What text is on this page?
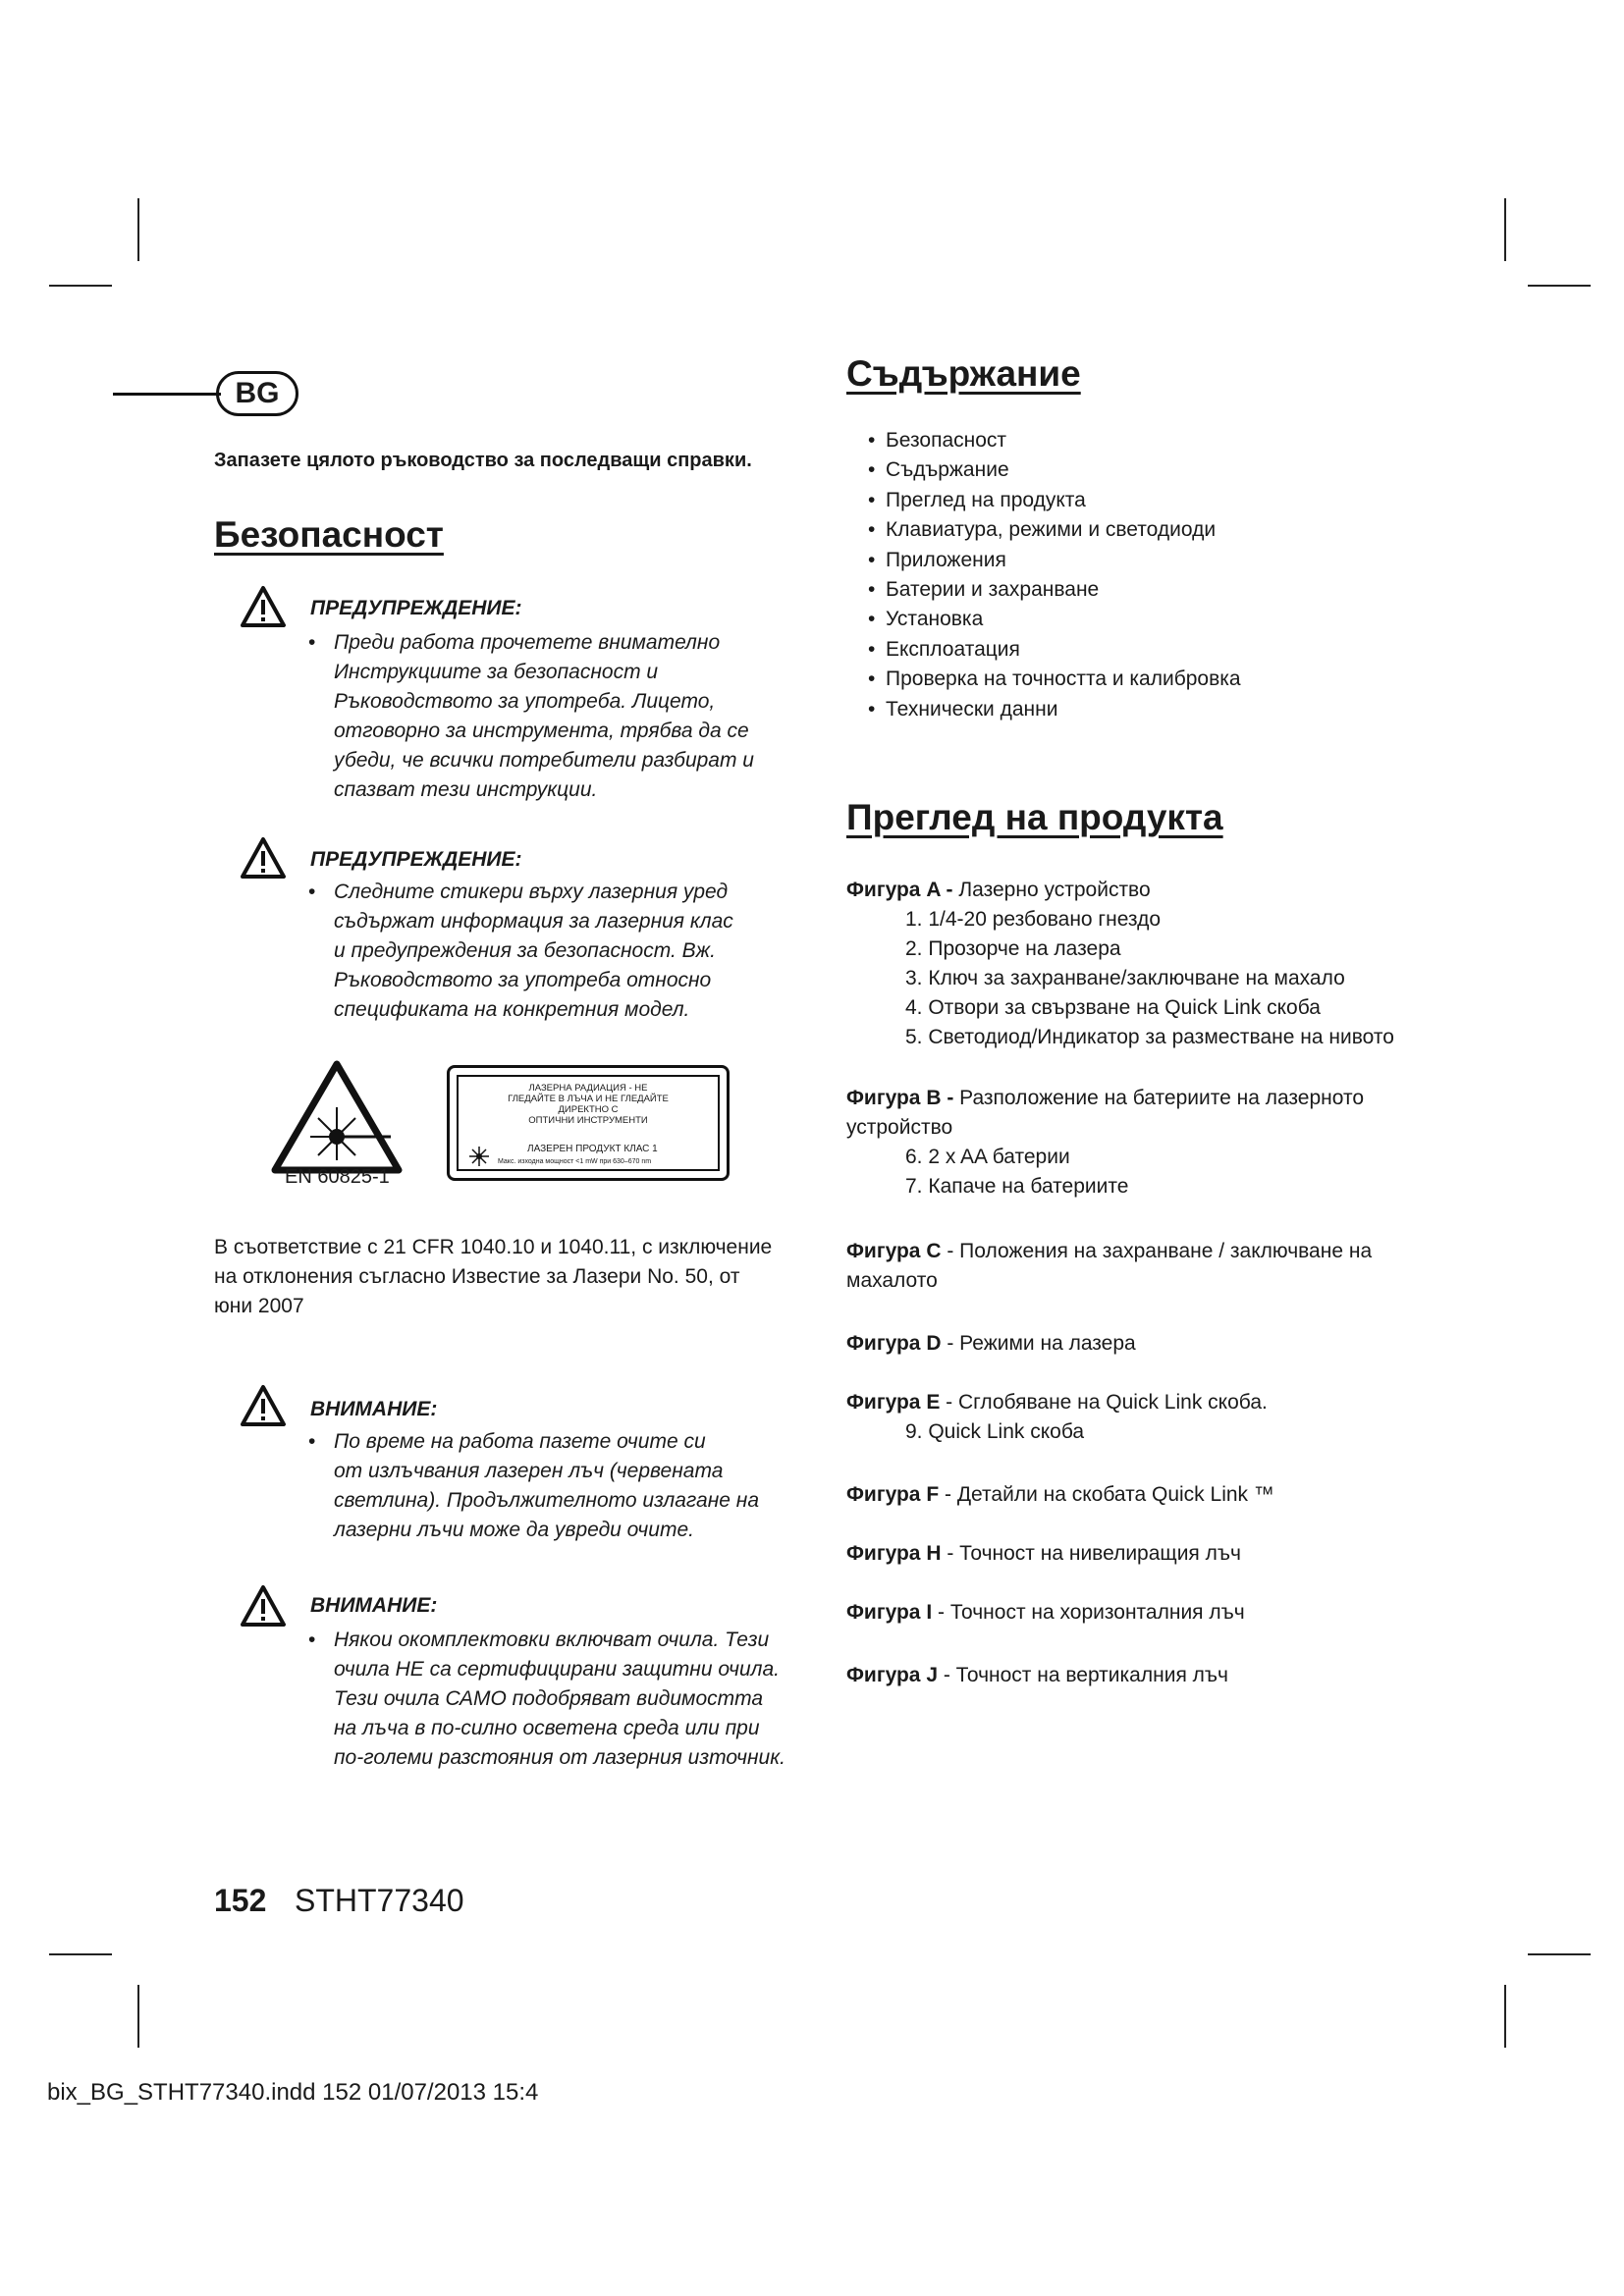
BG
Запазете цялото ръководство за последващи справки.
Безопасност
ПРЕДУПРЕЖДЕНИЕ:
• Преди работа прочетете внимателно
Инструкциите за безопасност и
Ръководството за употреба. Лицето,
отговорно за инструмента, трябва да се
убеди, че всички потребители разбират и
спазват тези инструкции.
ПРЕДУПРЕЖДЕНИЕ:
• Следните стикери върху лазерния уред
съдържат информация за лазерния клас
и предупреждения за безопасност. Вж.
Ръководството за употреба относно
спецификата на конкретния модел.
EN 60825-1
ЛАЗЕРНА РАДИАЦИЯ - НЕ
ГЛЕДАЙТЕ В ЛЪЧА И НЕ ГЛЕДАЙТЕ
ДИРЕКТНО С
ОПТИЧНИ ИНСТРУМЕНТИ
ЛАЗЕРЕН ПРОДУКТ КЛАС 1
Макс. изходна мощност <1 mW при 630–670 nm
В съответствие с 21 CFR 1040.10 и 1040.11, с изключение на отклонения съгласно Известие за Лазери No. 50, от юни 2007
ВНИМАНИЕ:
• По време на работа пазете очите си
от излъчвания лазерен лъч (червената
светлина). Продължителното излагане на
лазерни лъчи може да увреди очите.
ВНИМАНИЕ:
• Някои окомплектовки включват очила. Тези
очила НЕ са сертифицирани защитни очила.
Тези очила САМО подобряват видимостта
на лъча в по-силно осветена среда или при
по-големи разстояния от лазерния източник.
Съдържание
• Безопасност
• Съдържание
• Преглед на продукта
• Клавиатура, режими и светодиоди
• Приложения
• Батерии и захранване
• Установка
• Експлоатация
• Проверка на точността и калибровка
• Технически данни
Преглед на продукта
Фигура A - Лазерно устройство
1. 1/4-20 резбовано гнездо
2. Прозорче на лазера
3. Ключ за захранване/заключване на махало
4. Отвори за свързване на Quick Link скоба
5. Светодиод/Индикатор за разместване на нивото
Фигура B - Разположение на батериите на лазерното устройство
6. 2 x AA батерии
7. Капаче на батериите
Фигура C - Положения на захранване / заключване на махалото
Фигура D - Режими на лазера
Фигура E - Сглобяване на Quick Link скоба.
9. Quick Link скоба
Фигура F - Детайли на скобата Quick Link ™
Фигура H - Точност на нивелиращия лъч
Фигура I - Точност на хоризонталния лъч
Фигура J - Точност на вертикалния лъч
152 STHT77340
bix_BG_STHT77340.indd 152 01/07/2013 15:4
